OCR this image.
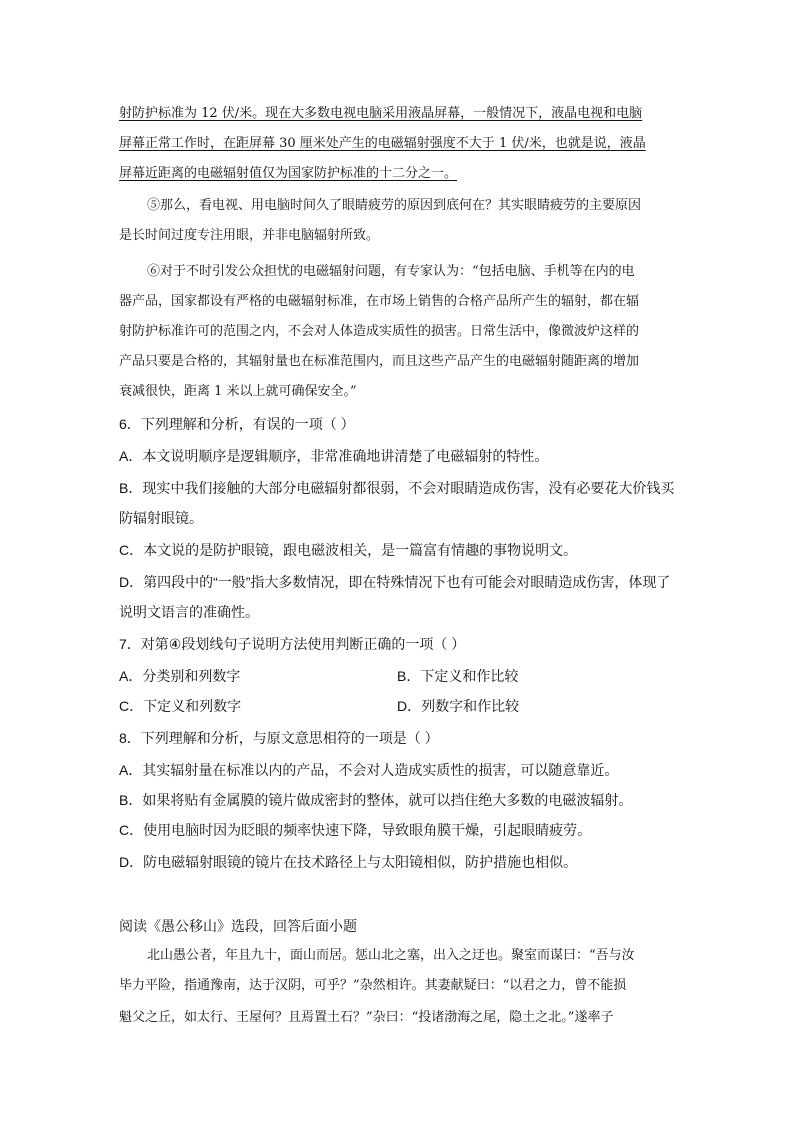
射防护标准为 12 伏/米。现在大多数电视电脑采用液晶屏幕，一般情况下，液晶电视和电脑
屏幕正常工作时，在距屏幕 30 厘米处产生的电磁辐射强度不大于 1 伏/米，也就是说，液晶
屏幕近距离的电磁辐射值仅为国家防护标准的十二分之一。
⑤那么，看电视、用电脑时间久了眼睛疲劳的原因到底何在？其实眼睛疲劳的主要原因
是长时间过度专注用眼，并非电脑辐射所致。
⑥对于不时引发公众担忧的电磁辐射问题，有专家认为：“包括电脑、手机等在内的电
器产品，国家都设有严格的电磁辐射标准，在市场上销售的合格产品所产生的辐射，都在辐
射防护标准许可的范围之内，不会对人体造成实质性的损害。日常生活中，像微波炉这样的
产品只要是合格的，其辐射量也在标准范围内，而且这些产品产生的电磁辐射随距离的增加
衰减很快，距离 1 米以上就可确保安全。”
6．下列理解和分析，有误的一项（ ）
A．本文说明顺序是逻辑顺序，非常准确地讲清楚了电磁辐射的特性。
B．现实中我们接触的大部分电磁辐射都很弱，不会对眼睛造成伤害，没有必要花大价钱买
防辐射眼镜。
C．本文说的是防护眼镜，跟电磁波相关，是一篇富有情趣的事物说明文。
D．第四段中的“一般”指大多数情况，即在特殊情况下也有可能会对眼睛造成伤害，体现了
说明文语言的准确性。
7．对第④段划线句子说明方法使用判断正确的一项（ ）
A．分类别和列数字	B．下定义和作比较
C．下定义和列数字	D．列数字和作比较
8．下列理解和分析，与原文意思相符的一项是（ ）
A．其实辐射量在标准以内的产品，不会对人造成实质性的损害，可以随意靠近。
B．如果将贴有金属膜的镜片做成密封的整体，就可以挡住绝大多数的电磁波辐射。
C．使用电脑时因为眨眼的频率快速下降，导致眼角膜干燥，引起眼睛疲劳。
D．防电磁辐射眼镜的镜片在技术路径上与太阳镜相似，防护措施也相似。
阅读《愚公移山》选段，回答后面小题
北山愚公者，年且九十，面山而居。惩山北之塞，出入之迂也。聚室而谋曰：“吾与汝
毕力平险，指通豫南，达于汉阴，可乎？”杂然相许。其妻献疑曰：“以君之力，曾不能损
魁父之丘，如太行、王屋何？且焉置土石？”杂曰：“投诸渤海之尾，隐土之北。”遂率子
